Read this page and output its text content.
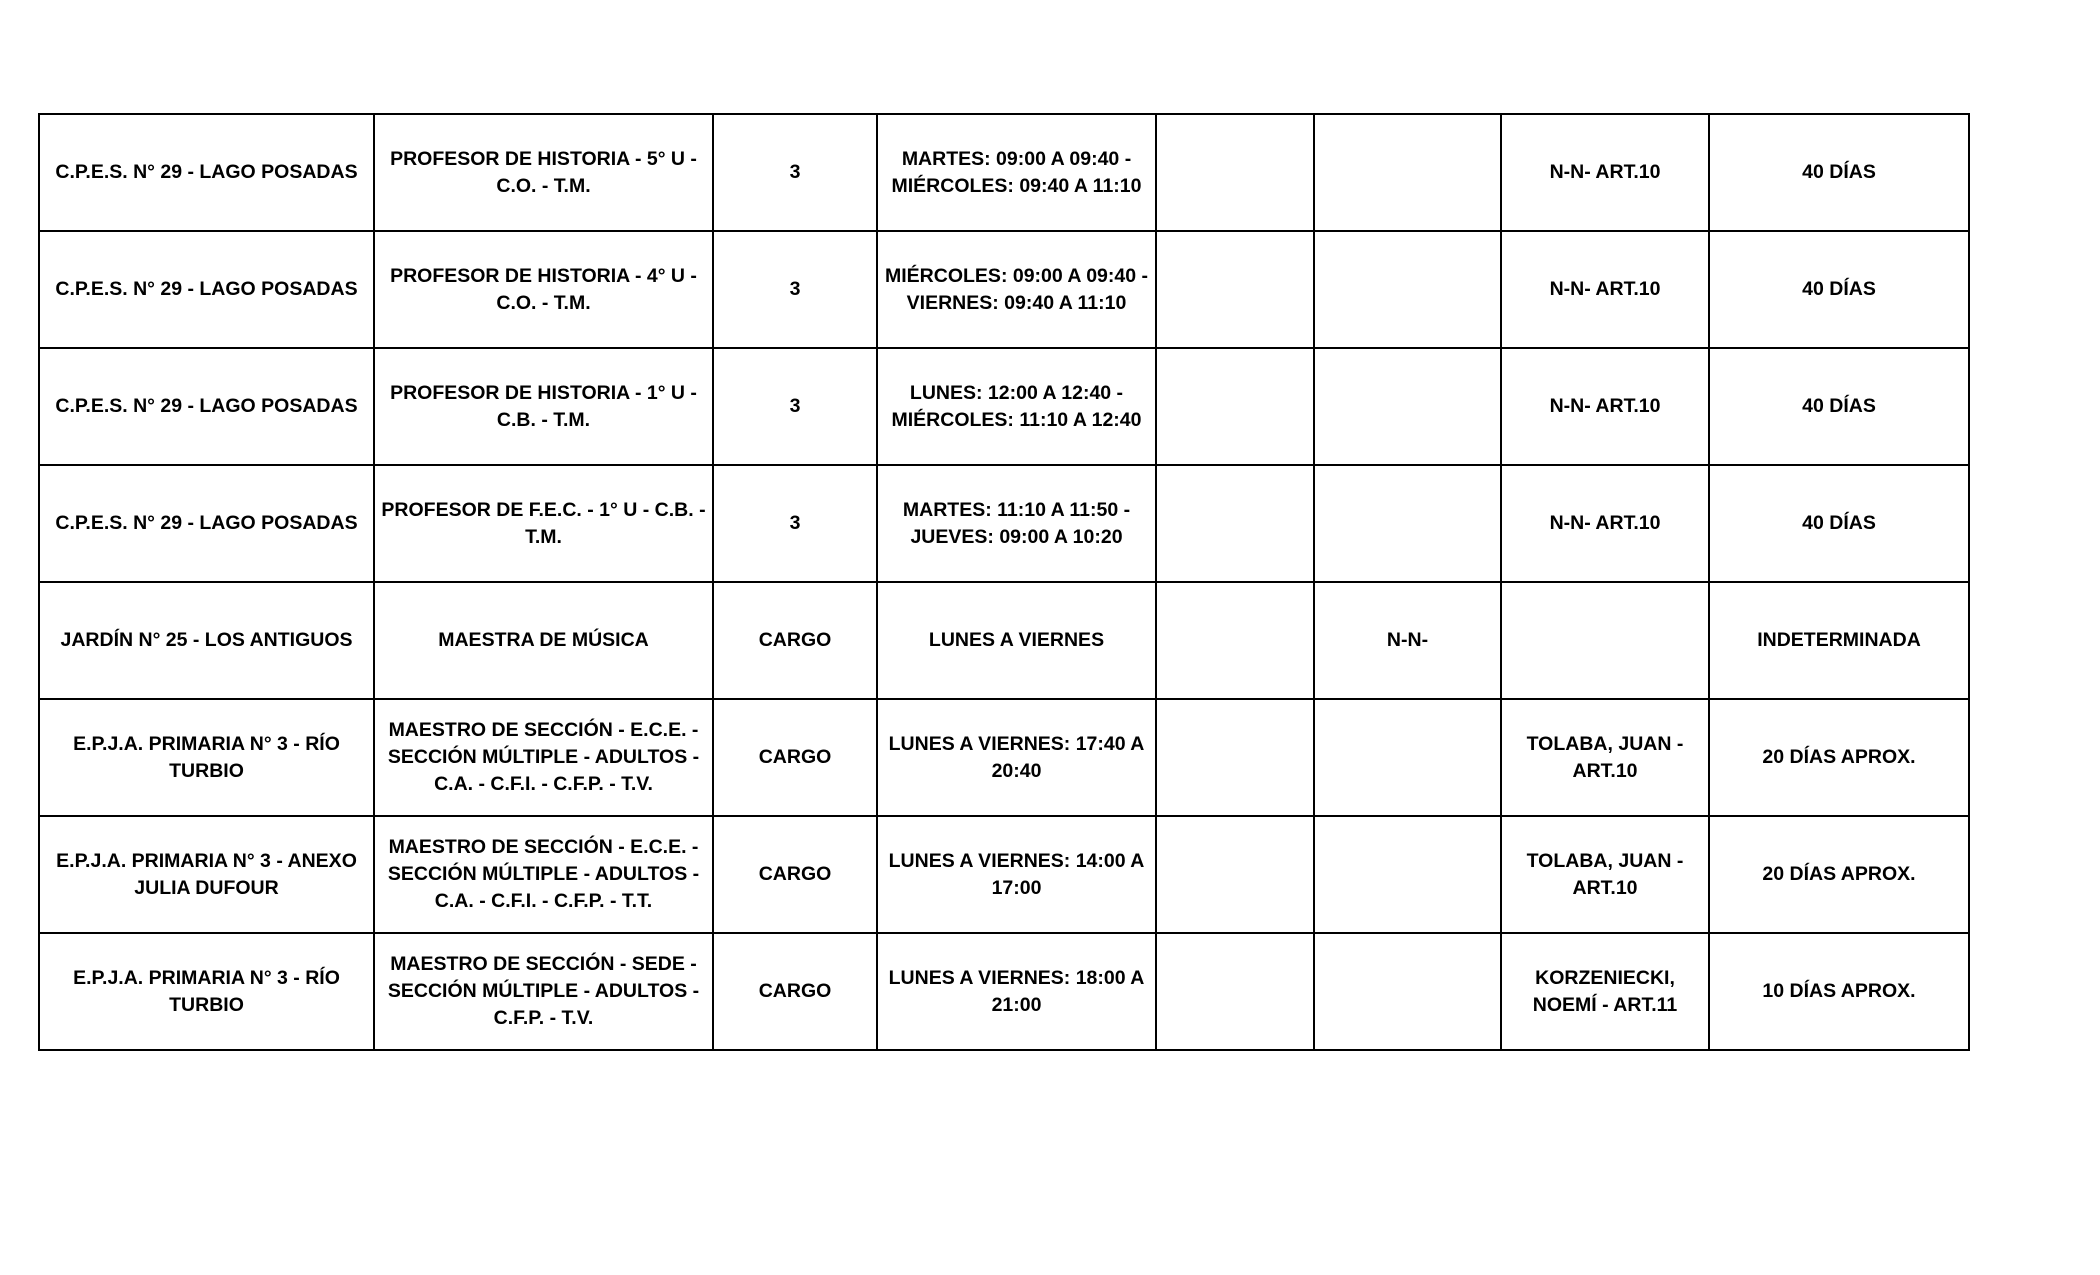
C.P.E.S. N° 29 - LAGO POSADAS	PROFESOR DE HISTORIA - 5° U - C.O. - T.M.	3	MARTES: 09:00 A 09:40 - MIÉRCOLES: 09:40 A 11:10			N-N- ART.10	40 DÍAS
C.P.E.S. N° 29 - LAGO POSADAS	PROFESOR DE HISTORIA - 4° U - C.O. - T.M.	3	MIÉRCOLES: 09:00 A 09:40 - VIERNES: 09:40 A 11:10			N-N- ART.10	40 DÍAS
C.P.E.S. N° 29 - LAGO POSADAS	PROFESOR DE HISTORIA - 1° U - C.B. - T.M.	3	LUNES: 12:00 A 12:40 - MIÉRCOLES: 11:10 A 12:40			N-N- ART.10	40 DÍAS
C.P.E.S. N° 29 - LAGO POSADAS	PROFESOR DE F.E.C. - 1° U - C.B. - T.M.	3	MARTES: 11:10 A 11:50 - JUEVES: 09:00 A 10:20			N-N- ART.10	40 DÍAS
JARDÍN N° 25 - LOS ANTIGUOS	MAESTRA DE MÚSICA	CARGO	LUNES A VIERNES		N-N-		INDETERMINADA
E.P.J.A. PRIMARIA N° 3 - RÍO TURBIO	MAESTRO DE SECCIÓN - E.C.E. - SECCIÓN MÚLTIPLE - ADULTOS - C.A. - C.F.I. - C.F.P. - T.V.	CARGO	LUNES A VIERNES: 17:40 A 20:40			TOLABA, JUAN - ART.10	20 DÍAS APROX.
E.P.J.A. PRIMARIA N° 3 - ANEXO JULIA DUFOUR	MAESTRO DE SECCIÓN - E.C.E. - SECCIÓN MÚLTIPLE - ADULTOS - C.A. - C.F.I. - C.F.P. - T.T.	CARGO	LUNES A VIERNES: 14:00 A 17:00			TOLABA, JUAN - ART.10	20 DÍAS APROX.
E.P.J.A. PRIMARIA N° 3 - RÍO TURBIO	MAESTRO DE SECCIÓN - SEDE - SECCIÓN MÚLTIPLE - ADULTOS - C.F.P. - T.V.	CARGO	LUNES A VIERNES: 18:00 A 21:00			KORZENIECKI, NOEMÍ - ART.11	10 DÍAS APROX.
